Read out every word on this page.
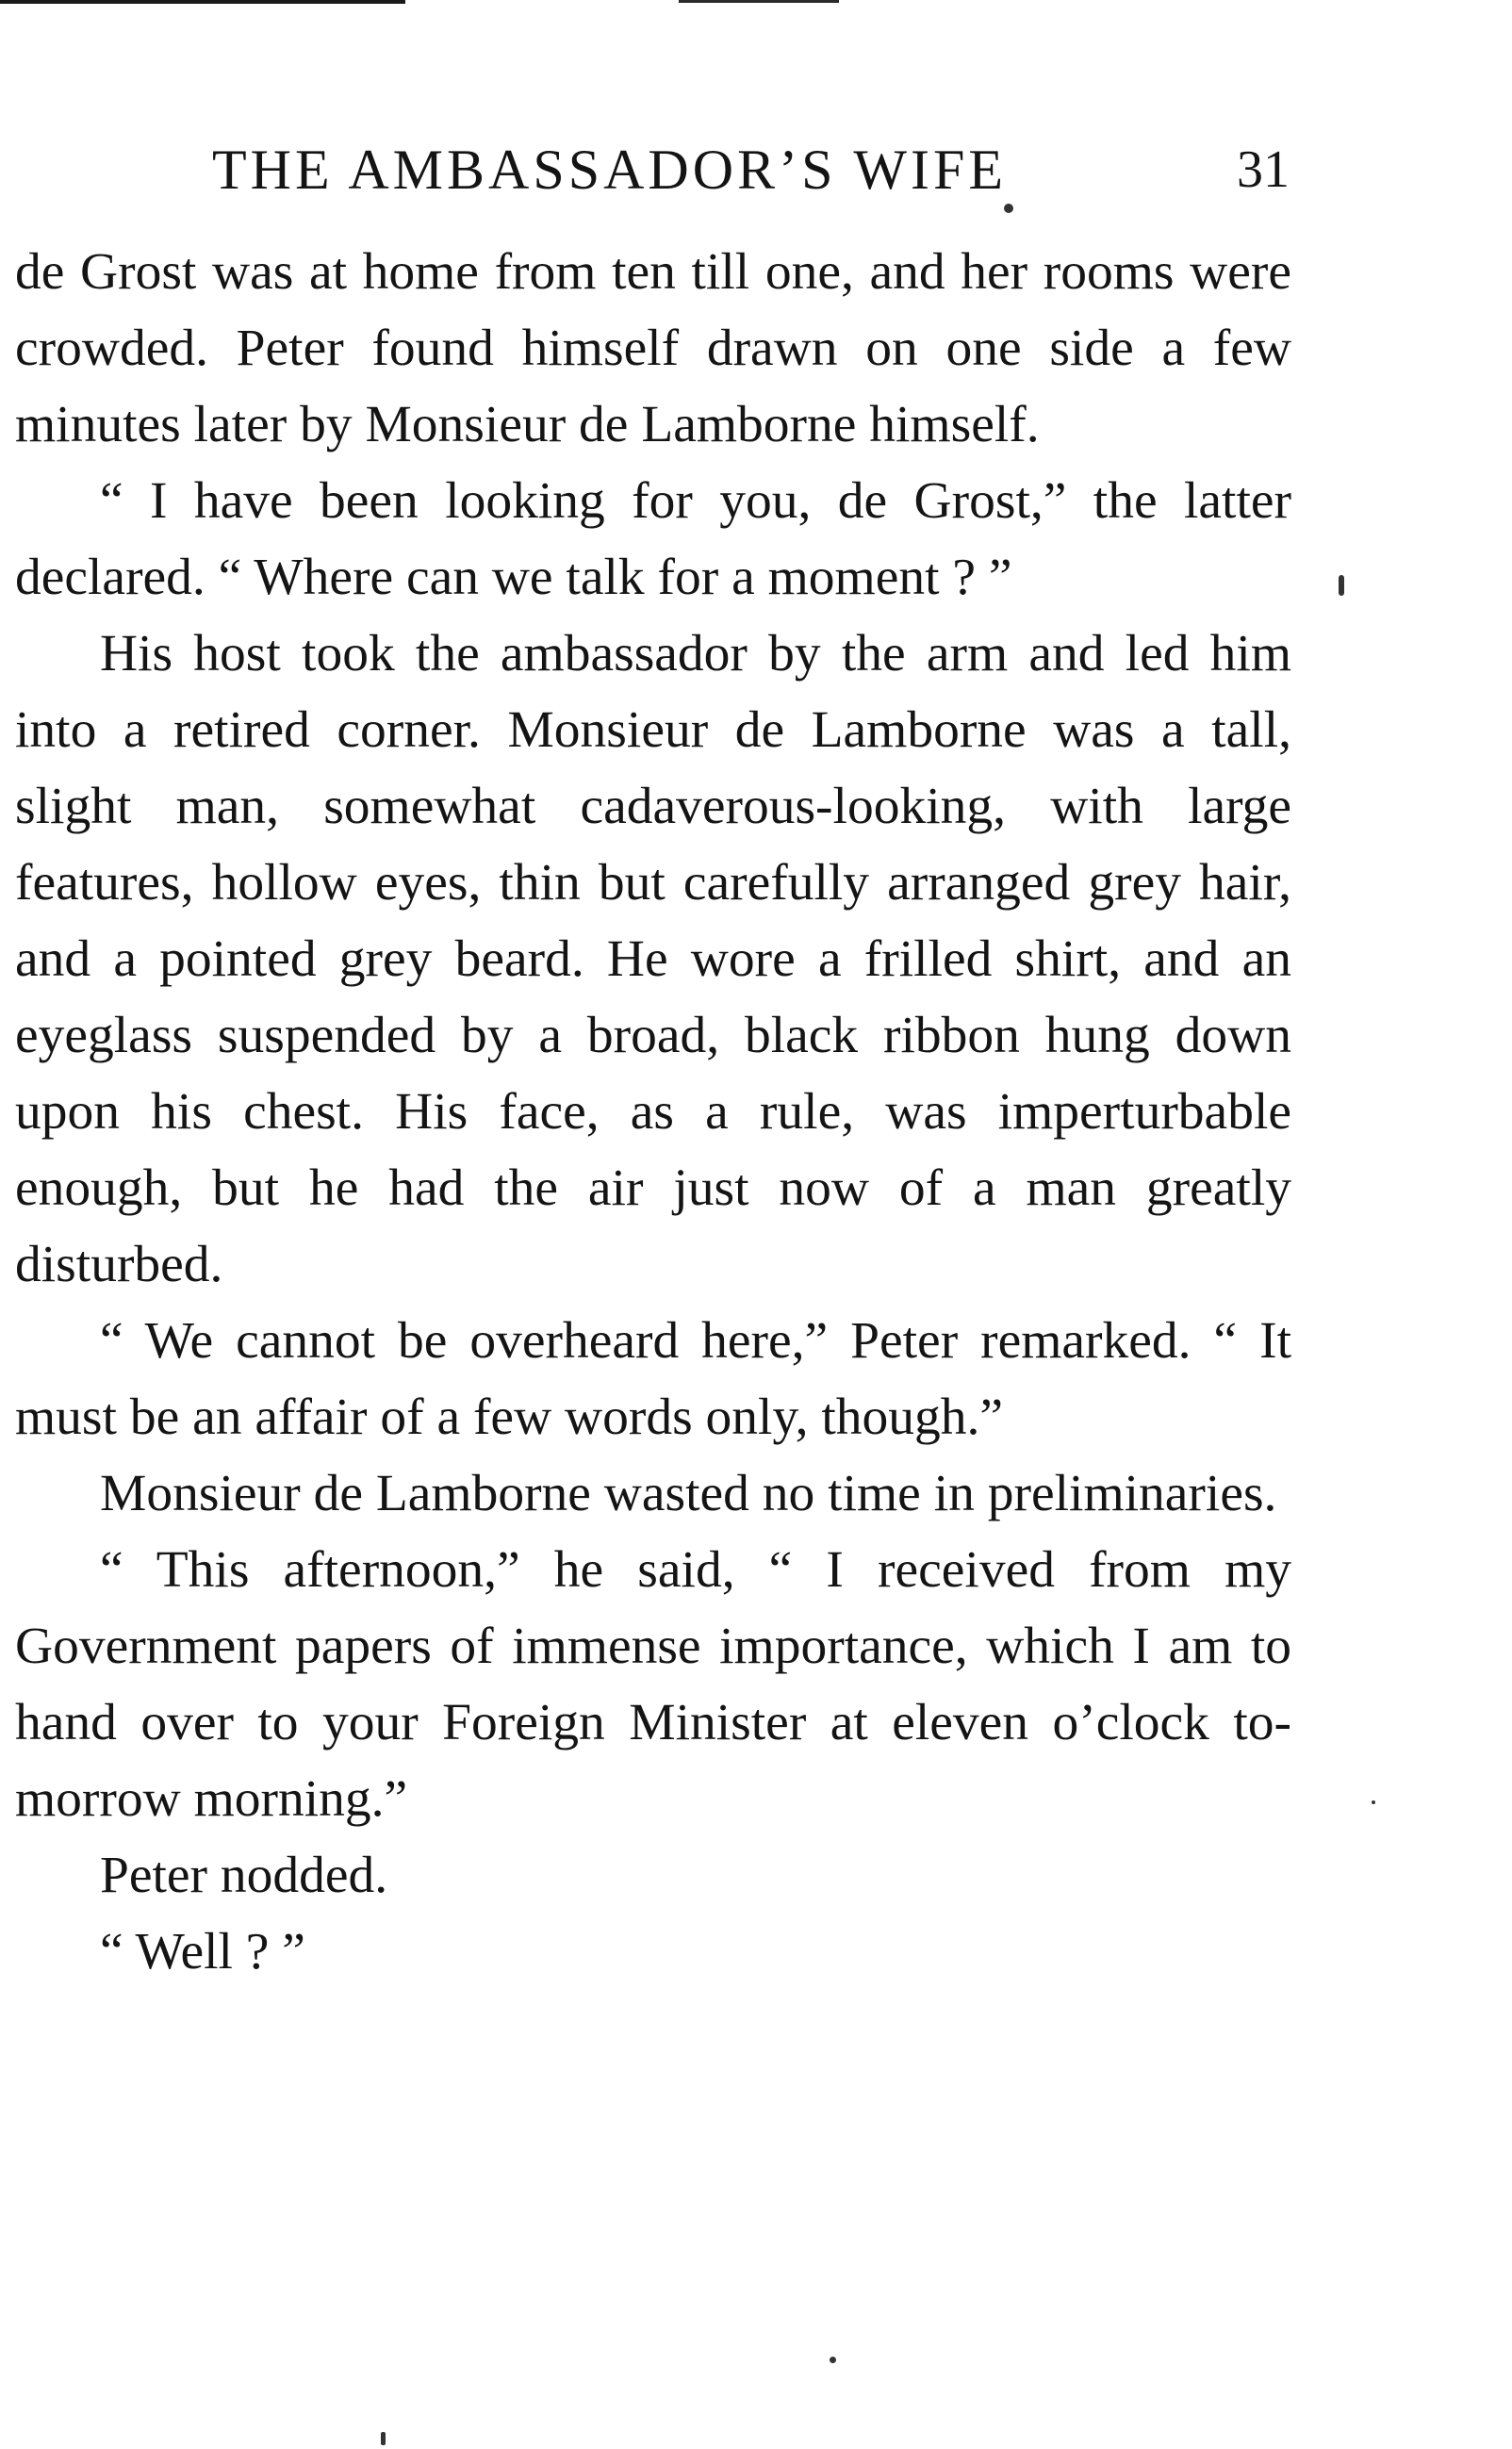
THE AMBASSADOR’S WIFE	31

de Grost was at home from ten till one, and her rooms were crowded. Peter found himself drawn on one side a few minutes later by Monsieur de Lamborne himself.

“ I have been looking for you, de Grost,” the latter declared. “ Where can we talk for a moment ? ”

His host took the ambassador by the arm and led him into a retired corner. Monsieur de Lamborne was a tall, slight man, somewhat cadaverous-looking, with large features, hollow eyes, thin but carefully arranged grey hair, and a pointed grey beard. He wore a frilled shirt, and an eyeglass suspended by a broad, black ribbon hung down upon his chest. His face, as a rule, was imperturbable enough, but he had the air just now of a man greatly disturbed.

“ We cannot be overheard here,” Peter remarked. “ It must be an affair of a few words only, though.”

Monsieur de Lamborne wasted no time in preliminaries.

“ This afternoon,” he said, “ I received from my Government papers of immense importance, which I am to hand over to your Foreign Minister at eleven o’clock to-morrow morning.”

Peter nodded.

“ Well ? ”
